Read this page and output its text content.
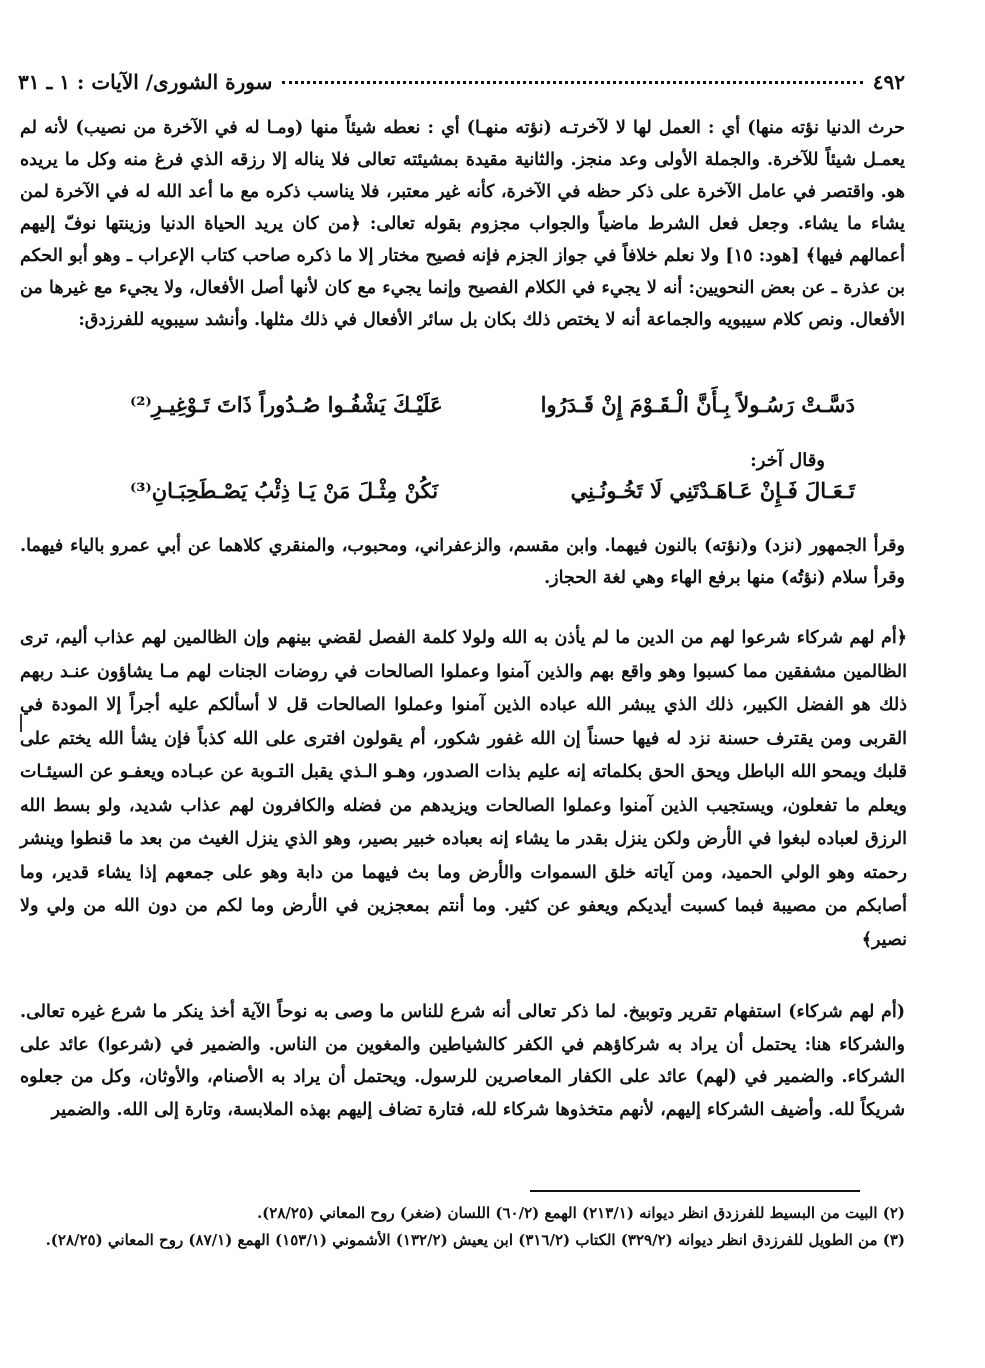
٤٩٢
سورة الشورى/ الآيات : ١ ـ ٣١
حرث الدنيا نؤته منها) أي : العمل لها لا لآخرتـه (نؤته منهـا) أي : نعطه شيئاً منها (ومـا له في الآخرة من نصيب) لأنه لم يعمـل شيئاً للآخرة. والجملة الأولى وعد منجز. والثانية مقيدة بمشيئته تعالى فلا يناله إلا رزقه الذي فرغ منه وكل ما يريده هو. واقتصر في عامل الآخرة على ذكر حظه في الآخرة، كأنه غير معتبر، فلا يناسب ذكره مع ما أعد الله له في الآخرة لمن يشاء ما يشاء. وجعل فعل الشرط ماضياً والجواب مجزوم بقوله تعالى: ﴿من كان يريد الحياة الدنيا وزينتها نوفّ إليهم أعمالهم فيها﴾ [هود: ١٥] ولا نعلم خلافاً في جواز الجزم فإنه فصيح مختار إلا ما ذكره صاحب كتاب الإعراب ـ وهو أبو الحكم بن عذرة ـ عن بعض النحويين: أنه لا يجيء في الكلام الفصيح وإنما يجيء مع كان لأنها أصل الأفعال، ولا يجيء مع غيرها من الأفعال. ونص كلام سيبويه والجماعة أنه لا يختص ذلك بكان بل سائر الأفعال في ذلك مثلها. وأنشد سيبويه للفرزدق:
دَسَّـتْ رَسُـولاً بِـأَنَّ الْـقَـوْمَ إِنْ قَـدَرُوا
عَلَيْـكَ يَشْفُـوا صُـدُوراً ذَاتَ تَـوْغِيـرِ⁽²⁾
وقال آخر:
تَـعَـالَ فَـإِنْ عَـاهَـدْتَنِي لَا تَخُـونُـنِي
نَكُنْ مِثْـلَ مَنْ يَـا ذِئْبُ يَصْـطَحِبَـانِ⁽³⁾
وقرأ الجمهور (نزد) و(نؤته) بالنون فيهما. وابن مقسم، والزعفراني، ومحبوب، والمنقري كلاهما عن أبي عمرو بالياء فيهما. وقرأ سلام (نؤتُه) منها برفع الهاء وهي لغة الحجاز.
﴿أم لهم شركاء شرعوا لهم من الدين ما لم يأذن به الله ولولا كلمة الفصل لقضي بينهم وإن الظالمين لهم عذاب أليم، ترى الظالمين مشفقين مما كسبوا وهو واقع بهم والذين آمنوا وعملوا الصالحات في روضات الجنات لهم مـا يشاؤون عنـد ربهم ذلك هو الفضل الكبير، ذلك الذي يبشر الله عباده الذين آمنوا وعملوا الصالحات قل لا أسألكم عليه أجراً إلا المودة في القربى ومن يقترف حسنة نزد له فيها حسناً إن الله غفور شكور، أم يقولون افترى على الله كذباً فإن يشأ الله يختم على قلبك ويمحو الله الباطل ويحق الحق بكلماته إنه عليم بذات الصدور، وهـو الـذي يقبل التـوبة عن عبـاده ويعفـو عن السيئـات ويعلم ما تفعلون، ويستجيب الذين آمنوا وعملوا الصالحات ويزيدهم من فضله والكافرون لهم عذاب شديد، ولو بسط الله الرزق لعباده لبغوا في الأرض ولكن ينزل بقدر ما يشاء إنه بعباده خبير بصير، وهو الذي ينزل الغيث من بعد ما قنطوا وينشر رحمته وهو الولي الحميد، ومن آياته خلق السموات والأرض وما بث فيهما من دابة وهو على جمعهم إذا يشاء قدير، وما أصابكم من مصيبة فبما كسبت أيديكم ويعفو عن كثير. وما أنتم بمعجزين في الأرض وما لكم من دون الله من ولي ولا نصير﴾
(أم لهم شركاء) استفهام تقرير وتوبيخ. لما ذكر تعالى أنه شرع للناس ما وصى به نوحاً الآية أخذ ينكر ما شرع غيره تعالى. والشركاء هنا: يحتمل أن يراد به شركاؤهم في الكفر كالشياطين والمغوين من الناس. والضمير في (شرعوا) عائد على الشركاء. والضمير في (لهم) عائد على الكفار المعاصرين للرسول. ويحتمل أن يراد به الأصنام، والأوثان، وكل من جعلوه شريكاً لله. وأضيف الشركاء إليهم، لأنهم متخذوها شركاء لله، فتارة تضاف إليهم بهذه الملابسة، وتارة إلى الله. والضمير

(٢) البيت من البسيط للفرزدق انظر ديوانه (٢١٣/١) الهمع (٦٠/٢) اللسان (ضغر) روح المعاني (٢٨/٢٥).

(٣) من الطويل للفرزدق انظر ديوانه (٣٢٩/٢) الكتاب (٣١٦/٢) ابن يعيش (١٣٢/٢) الأشموني (١٥٣/١) الهمع (٨٧/١) روح المعاني (٢٨/٢٥).
